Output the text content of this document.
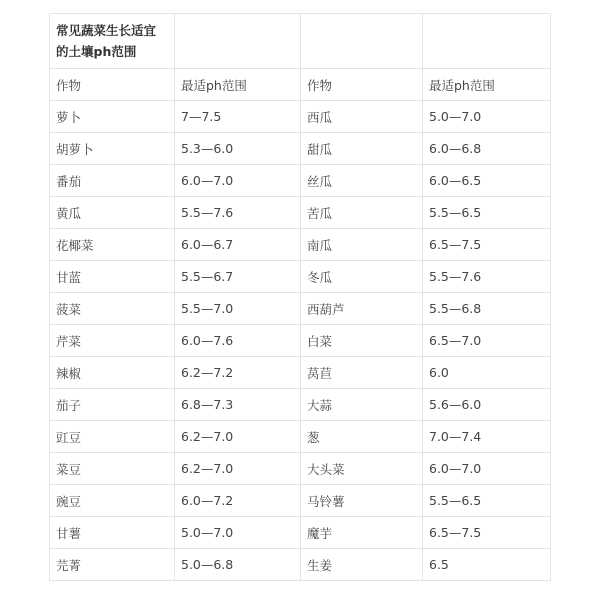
常见蔬菜生长适宜
的土壤ph范围			

作物	最适ph范围	作物	最适ph范围
萝卜	7—7.5	西瓜	5.0—7.0
胡萝卜	5.3—6.0	甜瓜	6.0—6.8
番茄	6.0—7.0	丝瓜	6.0—6.5
黄瓜	5.5—7.6	苦瓜	5.5—6.5
花椰菜	6.0—6.7	南瓜	6.5—7.5
甘蓝	5.5—6.7	冬瓜	5.5—7.6
菠菜	5.5—7.0	西葫芦	5.5—6.8
芹菜	6.0—7.6	白菜	6.5—7.0
辣椒	6.2—7.2	莴苣	6.0
茄子	6.8—7.3	大蒜	5.6—6.0
豇豆	6.2—7.0	葱	7.0—7.4
菜豆	6.2—7.0	大头菜	6.0—7.0
豌豆	6.0—7.2	马铃薯	5.5—6.5
甘薯	5.0—7.0	魔芋	6.5—7.5
芫菁	5.0—6.8	生姜	6.5
